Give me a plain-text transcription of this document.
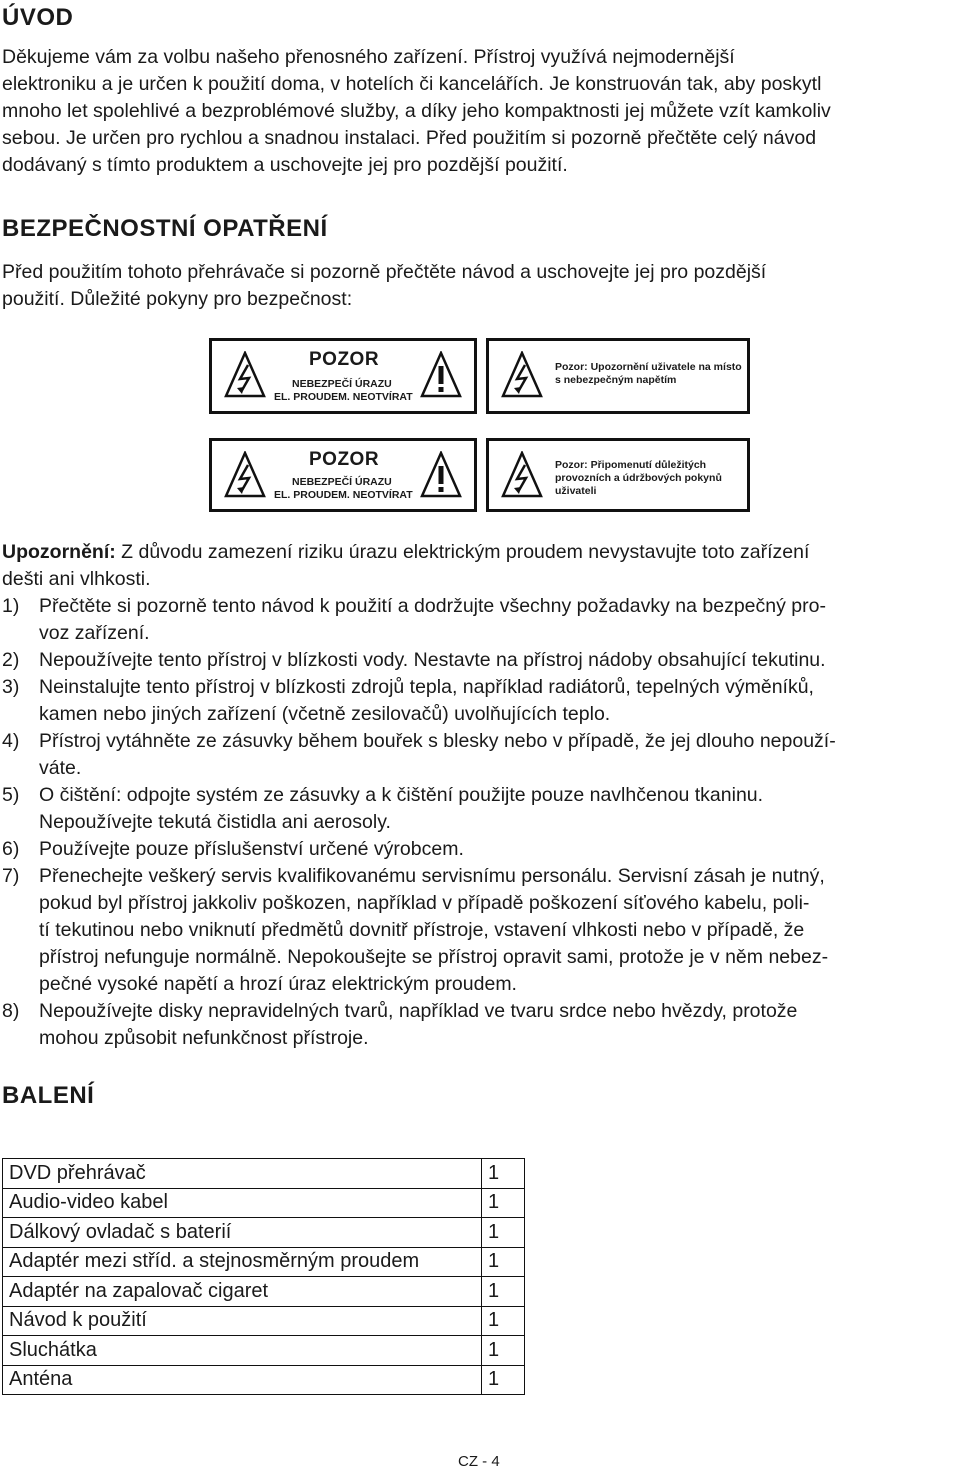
ÚVOD
Děkujeme vám za volbu našeho přenosného zařízení. Přístroj využívá nejmodernější
elektroniku a je určen k použití doma, v hotelích či kancelářích. Je konstruován tak, aby poskytl
mnoho let spolehlivé a bezproblémové služby, a díky jeho kompaktnosti jej můžete vzít kamkoliv
sebou. Je určen pro rychlou a snadnou instalaci. Před použitím si pozorně přečtěte celý návod
dodávaný s tímto produktem a uschovejte jej pro pozdější použití.
BEZPEČNOSTNÍ OPATŘENÍ
Před použitím tohoto přehrávače si pozorně přečtěte návod a uschovejte jej pro pozdější
použití. Důležité pokyny pro bezpečnost:
POZOR
NEBEZPEČÍ ÚRAZU
EL. PROUDEM. NEOTVÍRAT
Pozor: Upozornění uživatele na místo
s nebezpečným napětím
POZOR
NEBEZPEČÍ ÚRAZU
EL. PROUDEM. NEOTVÍRAT
Pozor: Připomenutí důležitých
provozních a údržbových pokynů
uživateli
Upozornění: Z důvodu zamezení riziku úrazu elektrickým proudem nevystavujte toto zařízení
dešti ani vlhkosti.
1) Přečtěte si pozorně tento návod k použití a dodržujte všechny požadavky na bezpečný pro-
voz zařízení.
2) Nepoužívejte tento přístroj v blízkosti vody. Nestavte na přístroj nádoby obsahující tekutinu.
3) Neinstalujte tento přístroj v blízkosti zdrojů tepla, například radiátorů, tepelných výměníků,
kamen nebo jiných zařízení (včetně zesilovačů) uvolňujících teplo.
4) Přístroj vytáhněte ze zásuvky během bouřek s blesky nebo v případě, že jej dlouho nepouží-
váte.
5) O čištění: odpojte systém ze zásuvky a k čištění použijte pouze navlhčenou tkaninu.
Nepoužívejte tekutá čistidla ani aerosoly.
6) Používejte pouze příslušenství určené výrobcem.
7) Přenechejte veškerý servis kvalifikovanému servisnímu personálu. Servisní zásah je nutný,
pokud byl přístroj jakkoliv poškozen, například v případě poškození síťového kabelu, poli-
tí tekutinou nebo vniknutí předmětů dovnitř přístroje, vstavení vlhkosti nebo v případě, že
přístroj nefunguje normálně. Nepokoušejte se přístroj opravit sami, protože je v něm nebez-
pečné vysoké napětí a hrozí úraz elektrickým proudem.
8) Nepoužívejte disky nepravidelných tvarů, například ve tvaru srdce nebo hvězdy, protože
mohou způsobit nefunkčnost přístroje.
BALENÍ
DVD přehrávač	1
Audio-video kabel	1
Dálkový ovladač s baterií	1
Adaptér mezi stříd. a stejnosměrným proudem	1
Adaptér na zapalovač cigaret	1
Návod k použití	1
Sluchátka	1
Anténa	1
CZ - 4
